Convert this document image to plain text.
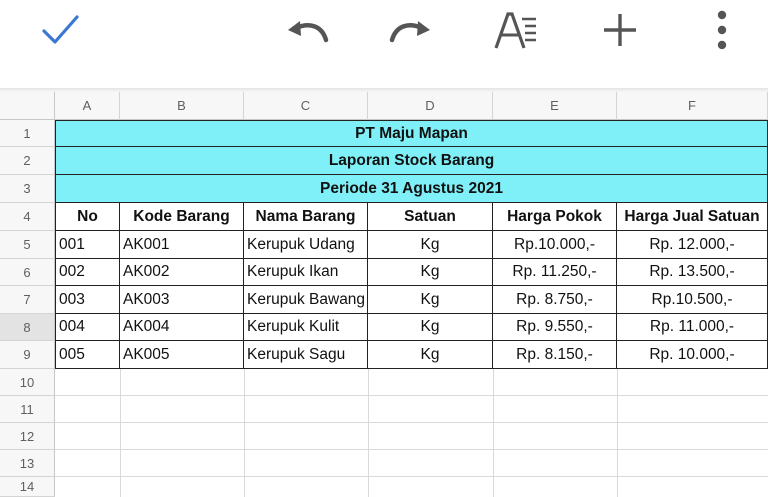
A	B	C	D	E	F
1
2
3
4
5
6
7
8
9
10
11
12
13
14
PT Maju Mapan
Laporan Stock Barang
Periode 31 Agustus 2021
No	Kode Barang	Nama Barang	Satuan	Harga Pokok	Harga Jual Satuan
001	AK001	Kerupuk Udang	Kg	Rp.10.000,-	Rp. 12.000,-
002	AK002	Kerupuk Ikan	Kg	Rp. 11.250,-	Rp. 13.500,-
003	AK003	Kerupuk Bawang	Kg	Rp. 8.750,-	Rp.10.500,-
004	AK004	Kerupuk Kulit	Kg	Rp. 9.550,-	Rp. 11.000,-
005	AK005	Kerupuk Sagu	Kg	Rp. 8.150,-	Rp. 10.000,-
